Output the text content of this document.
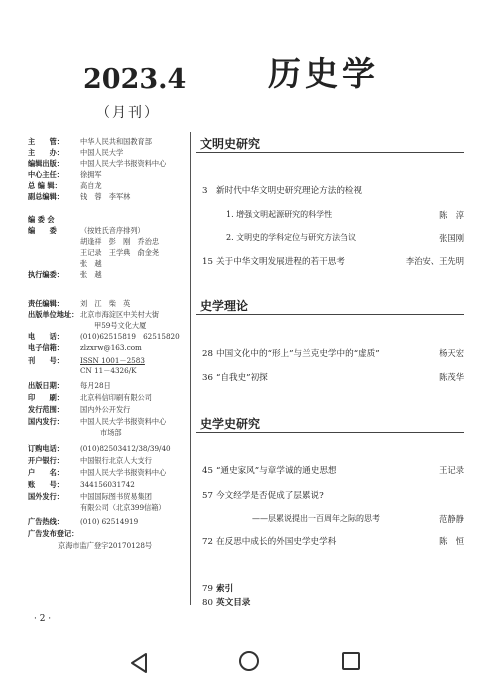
2023.4
（月刊）
历史学
主　　管： 中华人民共和国教育部
主　　办： 中国人民大学
编辑出版： 中国人民大学书报资料中心
中心主任： 徐拥军
总 编 辑：	高自龙
副总编辑： 钱　蓉　李军林
编 委 会
编　　委	（按姓氏音序排列）
胡逢祥　彭　刚　乔治忠
王记录　王学典　俞金尧
张　越
执行编委： 张　越
责任编辑： 刘　江　柴　英
出版单位地址： 北京市海淀区中关村大街
甲59号文化大厦
电　　话： (010)62515819　62515820
电子信箱： zlzxrw@163.com
刊　　号： ISSN 1001－2583
CN 11－4326/K
出版日期： 每月28日
印　　刷： 北京科信印刷有限公司
发行范围： 国内外公开发行
国内发行： 中国人民大学书报资料中心
市场部
订购电话： (010)82503412/38/39/40
开户银行： 中国银行北京人大支行
户　　名： 中国人民大学书报资料中心
账　　号： 344156031742
国外发行： 中国国际图书贸易集团
有限公司（北京399信箱）
广告热线： (010) 62514919
广告发布登记：
京海市监广登字20170128号
· 2 ·
文明史研究
3 新时代中华文明史研究理论方法的检视
1. 增强文明起源研究的科学性	陈　淳
2. 文明史的学科定位与研究方法刍议	张国刚
15 关于中华文明发展进程的若干思考	李治安、王先明
史学理论
28 中国文化中的“形上”与兰克史学中的“虚质”	杨天宏
36 “自我史”初探	陈茂华
史学史研究
45 “通史家风”与章学诚的通史思想	王记录
57 今文经学是否促成了层累说?
——层累说提出一百周年之际的思考	范静静
72 在反思中成长的外国史学史学科	陈　恒
79 索引
80 英文目录
